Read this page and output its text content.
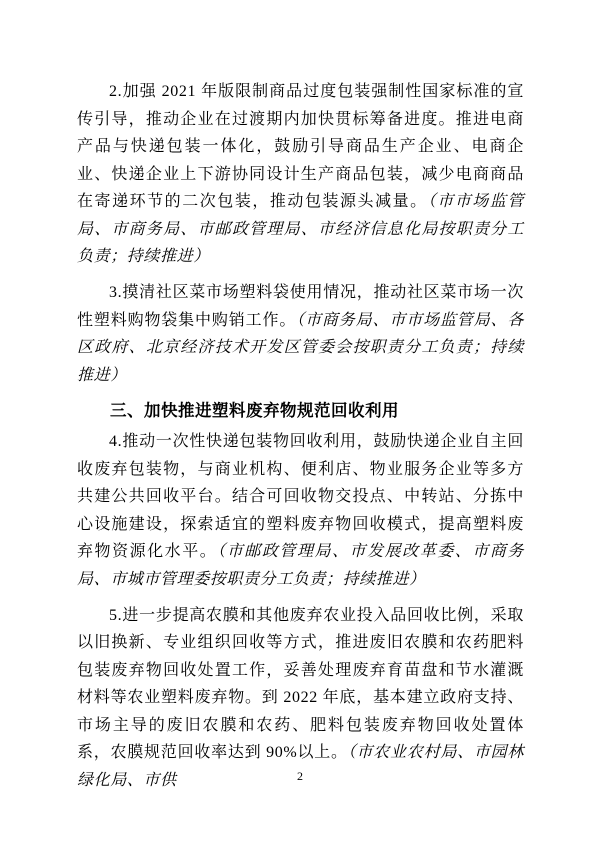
2.加强 2021 年版限制商品过度包装强制性国家标准的宣传引导，推动企业在过渡期内加快贯标筹备进度。推进电商产品与快递包装一体化，鼓励引导商品生产企业、电商企业、快递企业上下游协同设计生产商品包装，减少电商商品在寄递环节的二次包装，推动包装源头减量。（市市场监管局、市商务局、市邮政管理局、市经济信息化局按职责分工负责；持续推进）

3.摸清社区菜市场塑料袋使用情况，推动社区菜市场一次性塑料购物袋集中购销工作。（市商务局、市市场监管局、各区政府、北京经济技术开发区管委会按职责分工负责；持续推进）

三、加快推进塑料废弃物规范回收利用

4.推动一次性快递包装物回收利用，鼓励快递企业自主回收废弃包装物，与商业机构、便利店、物业服务企业等多方共建公共回收平台。结合可回收物交投点、中转站、分拣中心设施建设，探索适宜的塑料废弃物回收模式，提高塑料废弃物资源化水平。（市邮政管理局、市发展改革委、市商务局、市城市管理委按职责分工负责；持续推进）

5.进一步提高农膜和其他废弃农业投入品回收比例，采取以旧换新、专业组织回收等方式，推进废旧农膜和农药肥料包装废弃物回收处置工作，妥善处理废弃育苗盘和节水灌溉材料等农业塑料废弃物。到 2022 年底，基本建立政府支持、市场主导的废旧农膜和农药、肥料包装废弃物回收处置体系，农膜规范回收率达到 90%以上。（市农业农村局、市园林绿化局、市供	2
